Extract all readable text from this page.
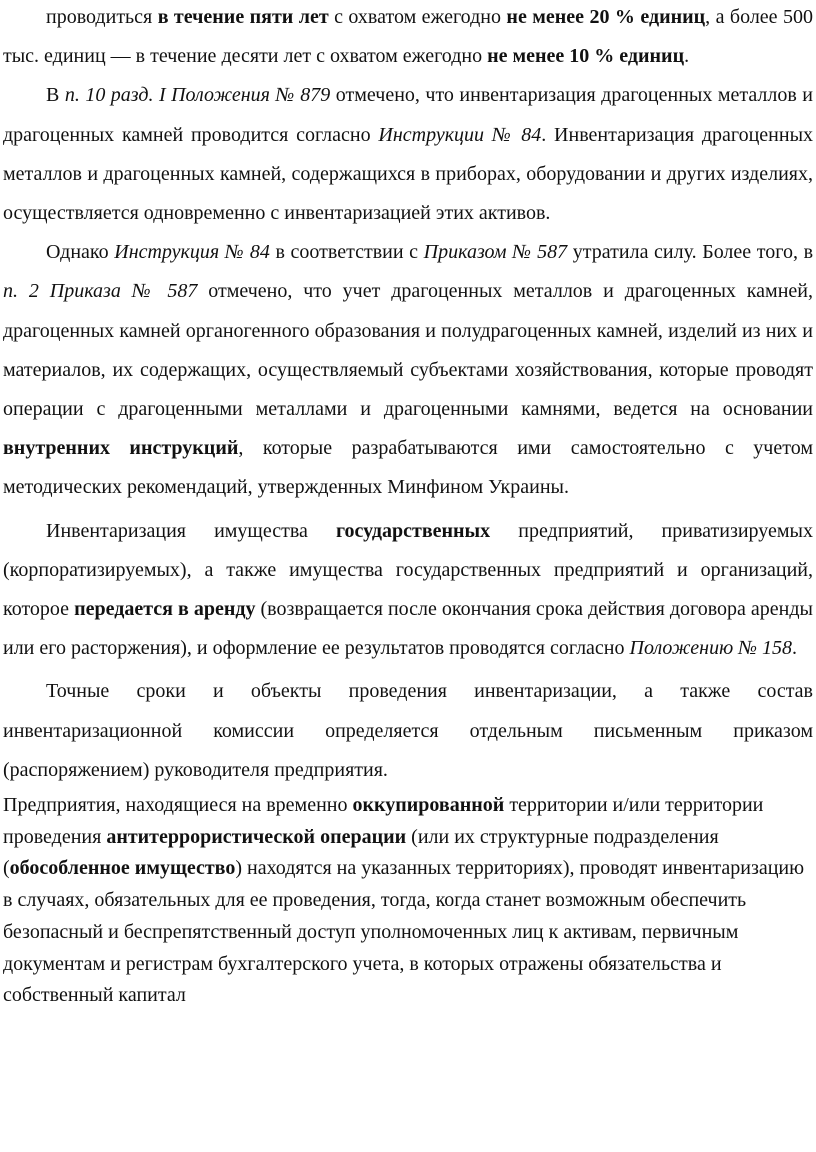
проводиться в течение пяти лет с охватом ежегодно не менее 20 % единиц, а более 500 тыс. единиц — в течение десяти лет с охватом ежегодно не менее 10 % единиц.

В п. 10 разд. I Положения № 879 отмечено, что инвентаризация драгоценных металлов и драгоценных камней проводится согласно Инструкции № 84. Инвентаризация драгоценных металлов и драгоценных камней, содержащихся в приборах, оборудовании и других изделиях, осуществляется одновременно с инвентаризацией этих активов.

Однако Инструкция № 84 в соответствии с Приказом № 587 утратила силу. Более того, в п. 2 Приказа № 587 отмечено, что учет драгоценных металлов и драгоценных камней, драгоценных камней органогенного образования и полудрагоценных камней, изделий из них и материалов, их содержащих, осуществляемый субъектами хозяйствования, которые проводят операции с драгоценными металлами и драгоценными камнями, ведется на основании внутренних инструкций, которые разрабатываются ими самостоятельно с учетом методических рекомендаций, утвержденных Минфином Украины.

Инвентаризация имущества государственных предприятий, приватизируемых (корпоратизируемых), а также имущества государственных предприятий и организаций, которое передается в аренду (возвращается после окончания срока действия договора аренды или его расторжения), и оформление ее результатов проводятся согласно Положению № 158.

Точные сроки и объекты проведения инвентаризации, а также состав инвентаризационной комиссии определяется отдельным письменным приказом (распоряжением) руководителя предприятия.

Предприятия, находящиеся на временно оккупированной территории и/или территории проведения антитеррористической операции (или их структурные подразделения (обособленное имущество) находятся на указанных территориях), проводят инвентаризацию в случаях, обязательных для ее проведения, тогда, когда станет возможным обеспечить безопасный и беспрепятственный доступ уполномоченных лиц к активам, первичным документам и регистрам бухгалтерского учета, в которых отражены обязательства и собственный капитал
